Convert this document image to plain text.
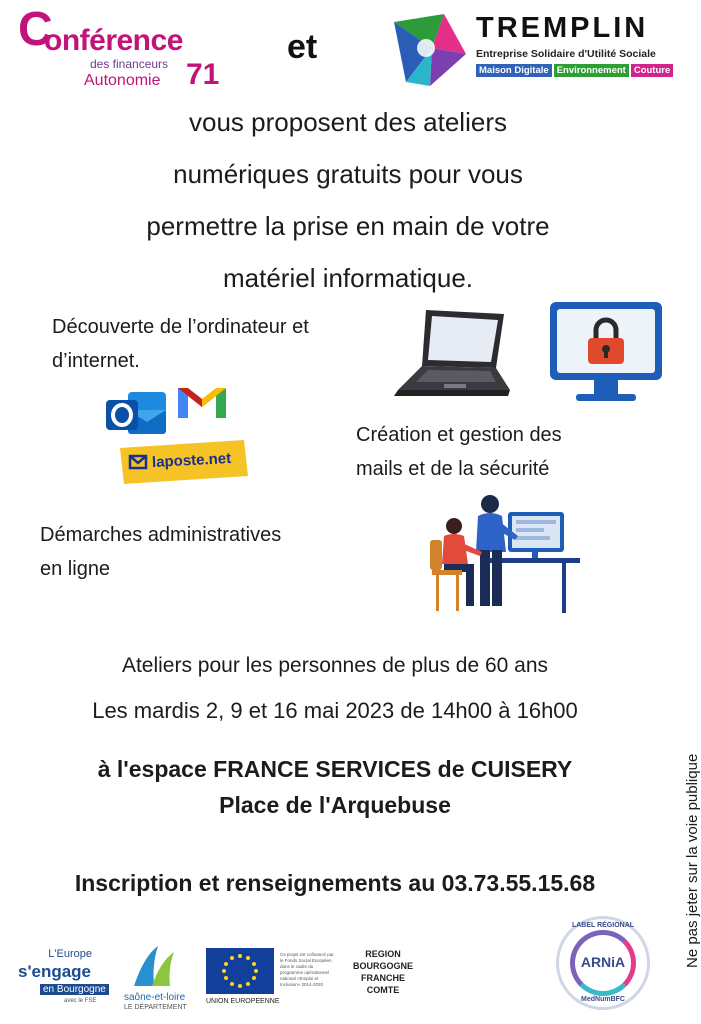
C
onférence
des financeurs
Autonomie 71
et	TREMPLIN
Entreprise Solidaire d'Utilité Sociale
Maison Digitale Environnement Couture
vous proposent des ateliers
numériques gratuits pour vous
permettre la prise en main de votre
matériel informatique.
Découverte de l’ordinateur et
d’internet.
laposte.net
Création et gestion des
mails et de la sécurité
Démarches administratives
en ligne
Ateliers pour les personnes de plus de 60 ans
Les mardis 2, 9 et 16 mai 2023 de 14h00 à 16h00
à l'espace FRANCE SERVICES de CUISERY
Place de l'Arquebuse
Inscription et renseignements au 03.73.55.15.68	Ne pas jeter sur la voie publique
L'Europe
s'engage
en Bourgogne
avec le FSE	saône-et-loire
LE DÉPARTEMENT
UNION EUROPEENNE
Ce projet est cofinancé par le Fonds Social Européen dans le cadre du programme opérationnel national «Emploi et Inclusion» 2014-2020
REGION
BOURGOGNE
FRANCHE
COMTE
LABEL RÉGIONAL
ARNiA
MedNumBFC
